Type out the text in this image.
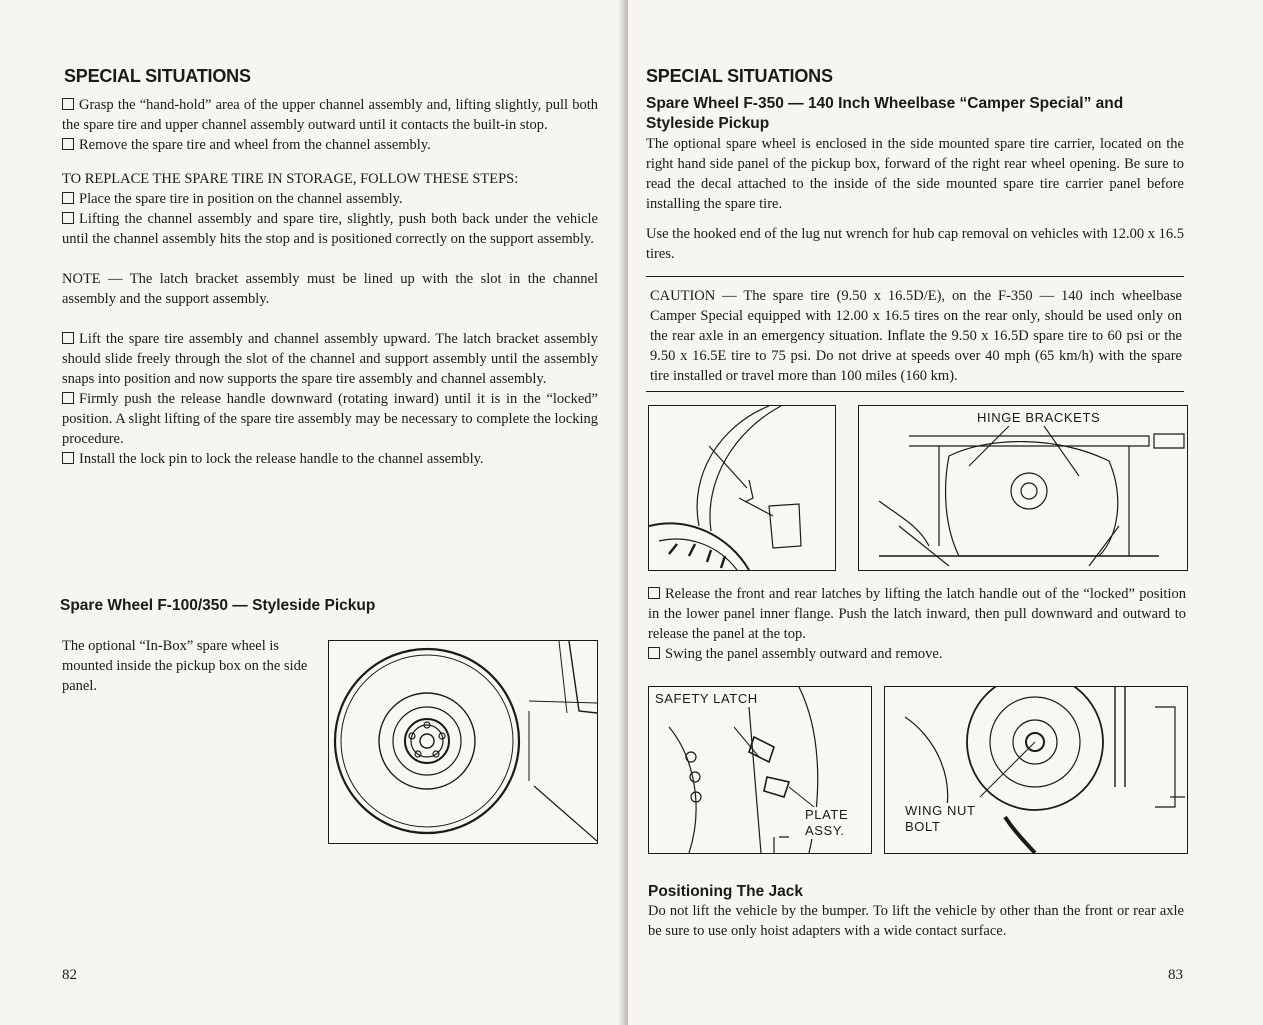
SPECIAL SITUATIONS

Grasp the “hand-hold” area of the upper channel assembly and, lifting slightly, pull both the spare tire and upper channel assembly outward until it contacts the built-in stop.

Remove the spare tire and wheel from the channel assembly.

TO REPLACE THE SPARE TIRE IN STORAGE, FOLLOW THESE STEPS:

Place the spare tire in position on the channel assembly.

Lifting the channel assembly and spare tire, slightly, push both back under the vehicle until the channel assembly hits the stop and is positioned correctly on the support assembly.

NOTE — The latch bracket assembly must be lined up with the slot in the channel assembly and the support assembly.

Lift the spare tire assembly and channel assembly upward. The latch bracket assembly should slide freely through the slot of the channel and support assembly until the assembly snaps into position and now supports the spare tire assembly and channel assembly.

Firmly push the release handle downward (rotating inward) until it is in the “locked” position. A slight lifting of the spare tire assembly may be necessary to complete the locking procedure.

Install the lock pin to lock the release handle to the channel assembly.

Spare Wheel F-100/350 — Styleside Pickup

The optional “In-Box” spare wheel is mounted inside the pickup box on the side panel.

82
SPECIAL SITUATIONS
Spare Wheel F-350 — 140 Inch Wheelbase “Camper Special” and Styleside Pickup

The optional spare wheel is enclosed in the side mounted spare tire carrier, located on the right hand side panel of the pickup box, forward of the right rear wheel opening. Be sure to read the decal attached to the inside of the side mounted spare tire carrier panel before installing the spare tire.

Use the hooked end of the lug nut wrench for hub cap removal on vehicles with 12.00 x 16.5 tires.

CAUTION — The spare tire (9.50 x 16.5D/E), on the F-350 — 140 inch wheelbase Camper Special equipped with 12.00 x 16.5 tires on the rear only, should be used only on the rear axle in an emergency situation. Inflate the 9.50 x 16.5D spare tire to 60 psi or the 9.50 x 16.5E tire to 75 psi. Do not drive at speeds over 40 mph (65 km/h) with the spare tire installed or travel more than 100 miles (160 km).

HINGE BRACKETS

Release the front and rear latches by lifting the latch handle out of the “locked” position in the lower panel inner flange. Push the latch inward, then pull downward and outward to release the panel at the top.

Swing the panel assembly outward and remove.

SAFETY LATCH
PLATE
ASSY.
WING NUT
BOLT
Positioning The Jack

Do not lift the vehicle by the bumper. To lift the vehicle by other than the front or rear axle be sure to use only hoist adapters with a wide contact surface.

83
